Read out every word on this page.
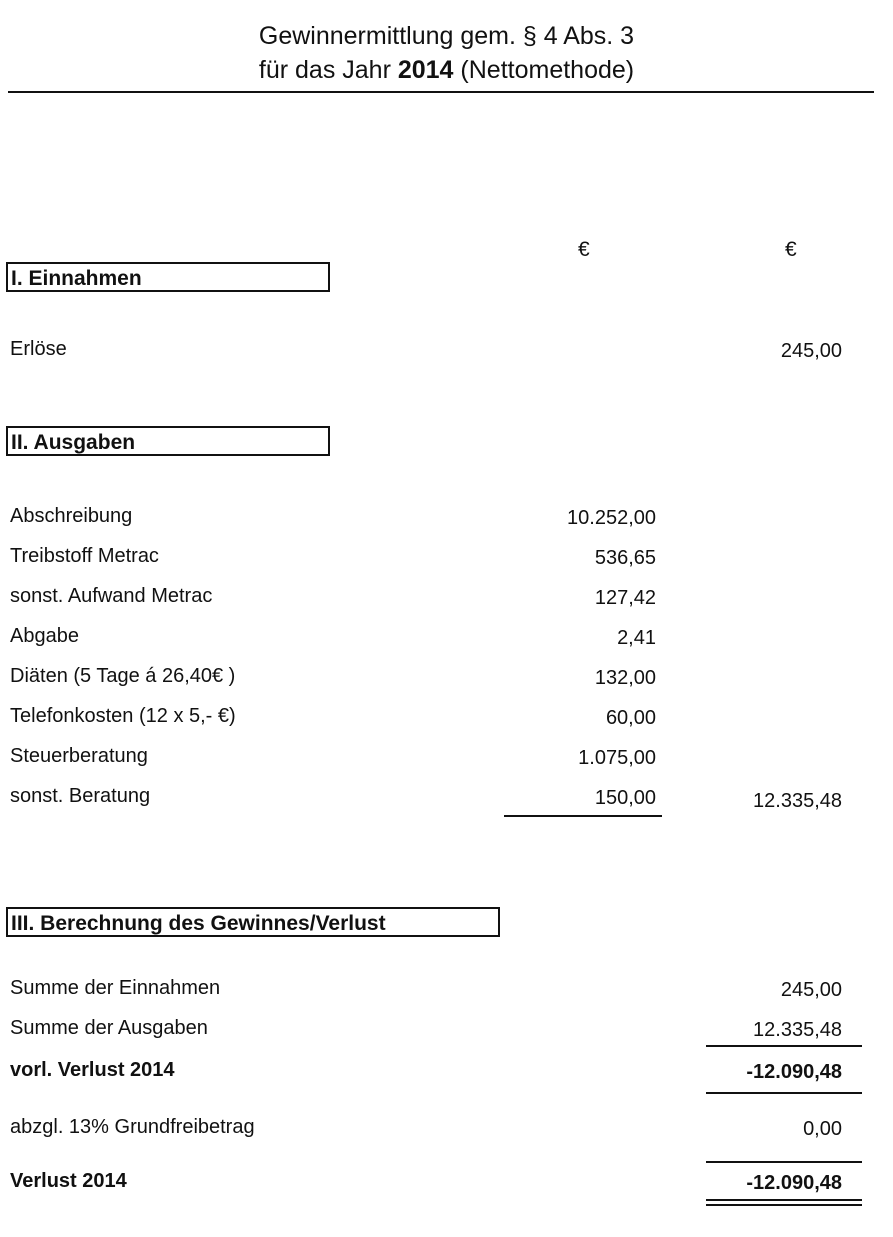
Gewinnermittlung gem. § 4 Abs. 3
für das Jahr 2014 (Nettomethode)
€	€
I. Einnahmen
Erlöse	245,00
II. Ausgaben
Abschreibung	10.252,00
Treibstoff Metrac	536,65
sonst. Aufwand Metrac	127,42
Abgabe	2,41
Diäten (5 Tage á 26,40€ )	132,00
Telefonkosten (12 x 5,- €)	60,00
Steuerberatung	1.075,00
sonst. Beratung	150,00	12.335,48
III. Berechnung des Gewinnes/Verlust
Summe der Einnahmen	245,00
Summe der Ausgaben	12.335,48
vorl. Verlust 2014	-12.090,48
abzgl. 13% Grundfreibetrag	0,00
Verlust 2014	-12.090,48
